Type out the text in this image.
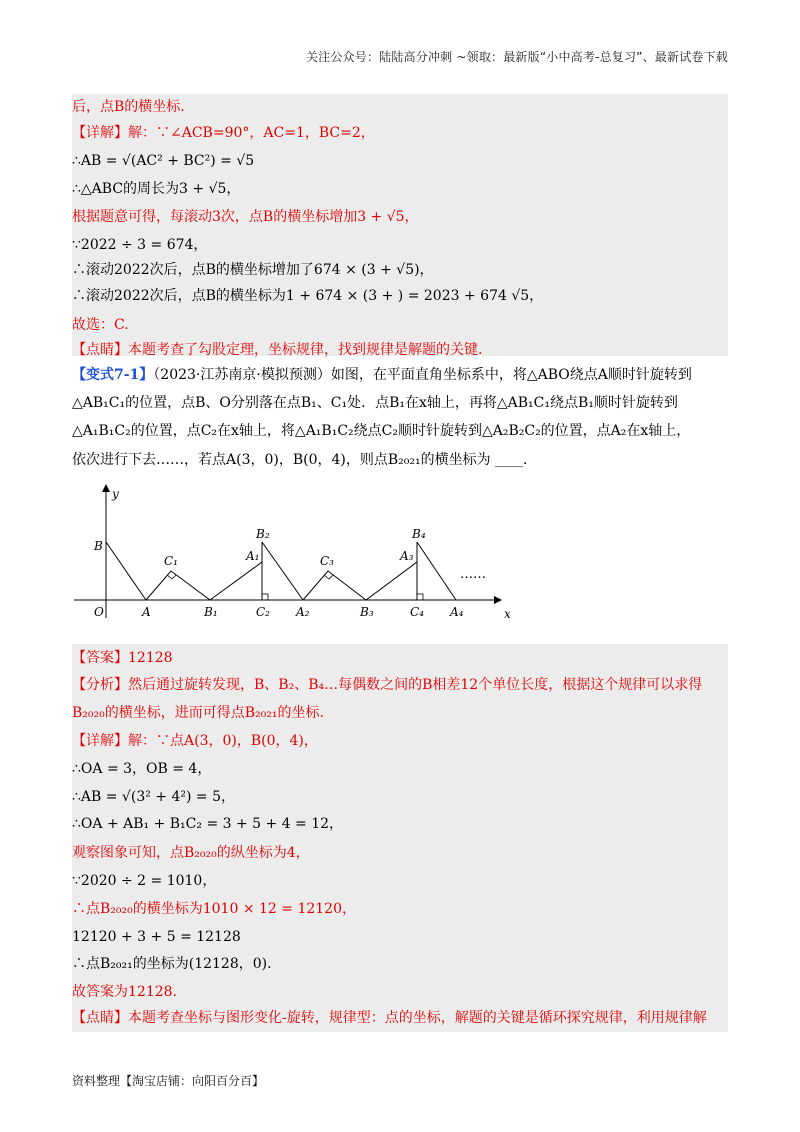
关注公众号：陆陆高分冲刺 ~领取：最新版“小中高考-总复习”、最新试卷下载
后，点B的横坐标.
【详解】解：∵∠ACB=90°，AC=1，BC=2，
∴AB = √(AC² + BC²) = √5
∴△ABC的周长为3 + √5，
根据题意可得，每滚动3次，点B的横坐标增加3 + √5，
∵2022 ÷ 3 = 674，
∴滚动2022次后，点B的横坐标增加了674 × (3 + √5)，
∴滚动2022次后，点B的横坐标为1 + 674 × (3 + ) = 2023 + 674 √5，
故选：C.
【点睛】本题考查了勾股定理，坐标规律，找到规律是解题的关键.
【变式7-1】（2023·江苏南京·模拟预测）如图，在平面直角坐标系中，将△ABO绕点A顺时针旋转到
△AB₁C₁的位置，点B、O分别落在点B₁、C₁处．点B₁在x轴上，再将△AB₁C₁绕点B₁顺时针旋转到
△A₁B₁C₂的位置，点C₂在x轴上，将△A₁B₁C₂绕点C₂顺时针旋转到△A₂B₂C₂的位置，点A₂在x轴上，
依次进行下去……，若点A(3，0)，B(0，4)，则点B₂₀₂₁的横坐标为 ____.
y
x
O
B
A
C₁
B₁
B₂
A₁
C₂ A₂
C₃
B₃
B₄
A₃
C₄ A₄
……
【答案】12128
【分析】然后通过旋转发现，B、B₂、B₄…每偶数之间的B相差12个单位长度，根据这个规律可以求得
B₂₀₂₀的横坐标，进而可得点B₂₀₂₁的坐标.
【详解】解：∵点A(3，0)，B(0，4)，
∴OA = 3，OB = 4，
∴AB = √(3² + 4²) = 5，
∴OA + AB₁ + B₁C₂ = 3 + 5 + 4 = 12，
观察图象可知，点B₂₀₂₀的纵坐标为4，
∵2020 ÷ 2 = 1010，
∴点B₂₀₂₀的横坐标为1010 × 12 = 12120，
12120 + 3 + 5 = 12128
∴点B₂₀₂₁的坐标为(12128，0).
故答案为12128.
【点睛】本题考查坐标与图形变化-旋转，规律型：点的坐标，解题的关键是循环探究规律，利用规律解
资料整理【淘宝店铺：向阳百分百】
